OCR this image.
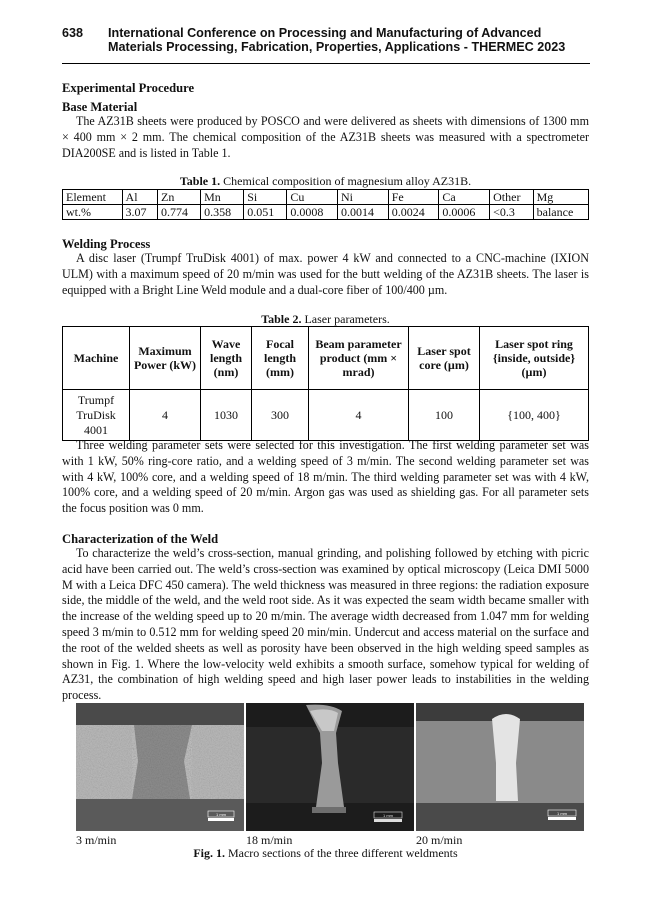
638 International Conference on Processing and Manufacturing of Advanced
Materials Processing, Fabrication, Properties, Applications - THERMEC 2023
Experimental Procedure
Base Material

The AZ31B sheets were produced by POSCO and were delivered as sheets with dimensions of 1300 mm × 400 mm × 2 mm. The chemical composition of the AZ31B sheets was measured with a spectrometer DIA200SE and is listed in Table 1.

Table 1. Chemical composition of magnesium alloy AZ31B.
Element	Al	Zn	Mn	Si	Cu	Ni	Fe	Ca	Other	Mg
wt.%	3.07	0.774	0.358	0.051	0.0008	0.0014	0.0024	0.0006	<0.3	balance
Welding Process

A disc laser (Trumpf TruDisk 4001) of max. power 4 kW and connected to a CNC-machine (IXION ULM) with a maximum speed of 20 m/min was used for the butt welding of the AZ31B sheets. The laser is equipped with a Bright Line Weld module and a dual-core fiber of 100/400 µm.

Table 2. Laser parameters.
Machine	Maximum Power (kW)	Wave length (nm)	Focal length (mm)	Beam parameter product (mm × mrad)	Laser spot core (µm)	Laser spot ring {inside, outside} (µm)
Trumpf TruDisk 4001	4	1030	300	4	100	{100, 400}

Three welding parameter sets were selected for this investigation. The first welding parameter set was with 1 kW, 50% ring-core ratio, and a welding speed of 3 m/min. The second welding parameter set was with 4 kW, 100% core, and a welding speed of 18 m/min. The third welding parameter set was with 4 kW, 100% core, and a welding speed of 20 m/min. Argon gas was used as shielding gas. For all parameter sets the focus position was 0 mm.

Characterization of the Weld

To characterize the weld’s cross-section, manual grinding, and polishing followed by etching with picric acid have been carried out. The weld’s cross-section was examined by optical microscopy (Leica DMI 5000 M with a Leica DFC 450 camera). The weld thickness was measured in three regions: the radiation exposure side, the middle of the weld, and the weld root side. As it was expected the seam width became smaller with the increase of the welding speed up to 20 m/min. The average width decreased from 1.047 mm for welding speed 3 m/min to 0.512 mm for welding speed 20 min/min. Undercut and access material on the surface and the root of the welded sheets as well as porosity have been observed in the high welding speed samples as shown in Fig. 1. Where the low-velocity weld exhibits a smooth surface, somehow typical for welding of AZ31, the combination of high welding speed and high laser power leads to instabilities in the welding process.

1 mm	1 mm	1 mm
3 m/min	18 m/min	20 m/min
Fig. 1. Macro sections of the three different weldments
